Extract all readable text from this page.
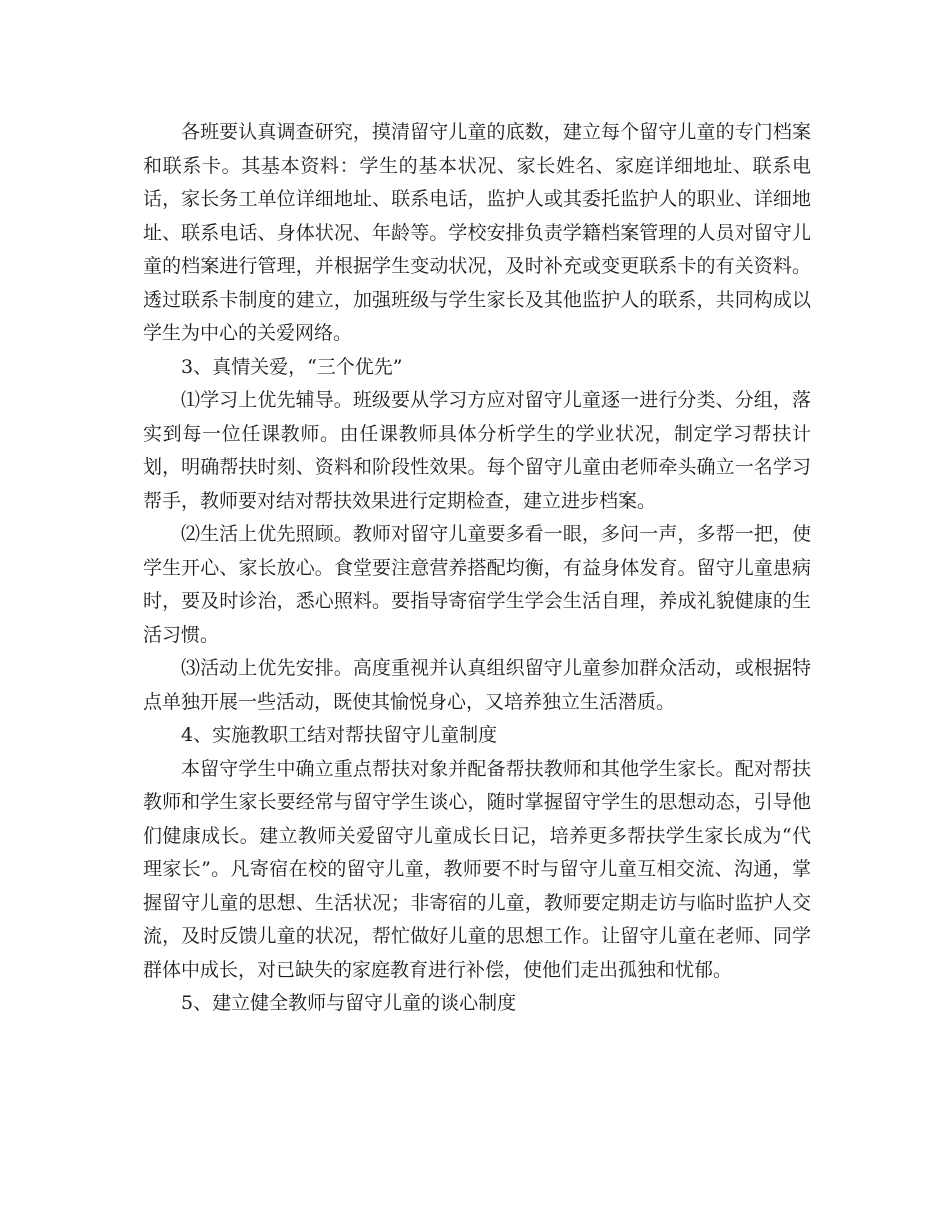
各班要认真调查研究，摸清留守儿童的底数，建立每个留守儿童的专门档案和联系卡。其基本资料：学生的基本状况、家长姓名、家庭详细地址、联系电话，家长务工单位详细地址、联系电话，监护人或其委托监护人的职业、详细地址、联系电话、身体状况、年龄等。学校安排负责学籍档案管理的人员对留守儿童的档案进行管理，并根据学生变动状况，及时补充或变更联系卡的有关资料。透过联系卡制度的建立，加强班级与学生家长及其他监护人的联系，共同构成以学生为中心的关爱网络。

3、真情关爱，“三个优先”

⑴学习上优先辅导。班级要从学习方应对留守儿童逐一进行分类、分组，落实到每一位任课教师。由任课教师具体分析学生的学业状况，制定学习帮扶计划，明确帮扶时刻、资料和阶段性效果。每个留守儿童由老师牵头确立一名学习帮手，教师要对结对帮扶效果进行定期检查，建立进步档案。

⑵生活上优先照顾。教师对留守儿童要多看一眼，多问一声，多帮一把，使学生开心、家长放心。食堂要注意营养搭配均衡，有益身体发育。留守儿童患病时，要及时诊治，悉心照料。要指导寄宿学生学会生活自理，养成礼貌健康的生活习惯。

⑶活动上优先安排。高度重视并认真组织留守儿童参加群众活动，或根据特点单独开展一些活动，既使其愉悦身心，又培养独立生活潜质。

4、实施教职工结对帮扶留守儿童制度

本留守学生中确立重点帮扶对象并配备帮扶教师和其他学生家长。配对帮扶教师和学生家长要经常与留守学生谈心，随时掌握留守学生的思想动态，引导他们健康成长。建立教师关爱留守儿童成长日记，培养更多帮扶学生家长成为“代理家长”。凡寄宿在校的留守儿童，教师要不时与留守儿童互相交流、沟通，掌握留守儿童的思想、生活状况；非寄宿的儿童，教师要定期走访与临时监护人交流，及时反馈儿童的状况，帮忙做好儿童的思想工作。让留守儿童在老师、同学群体中成长，对已缺失的家庭教育进行补偿，使他们走出孤独和忧郁。

5、建立健全教师与留守儿童的谈心制度
